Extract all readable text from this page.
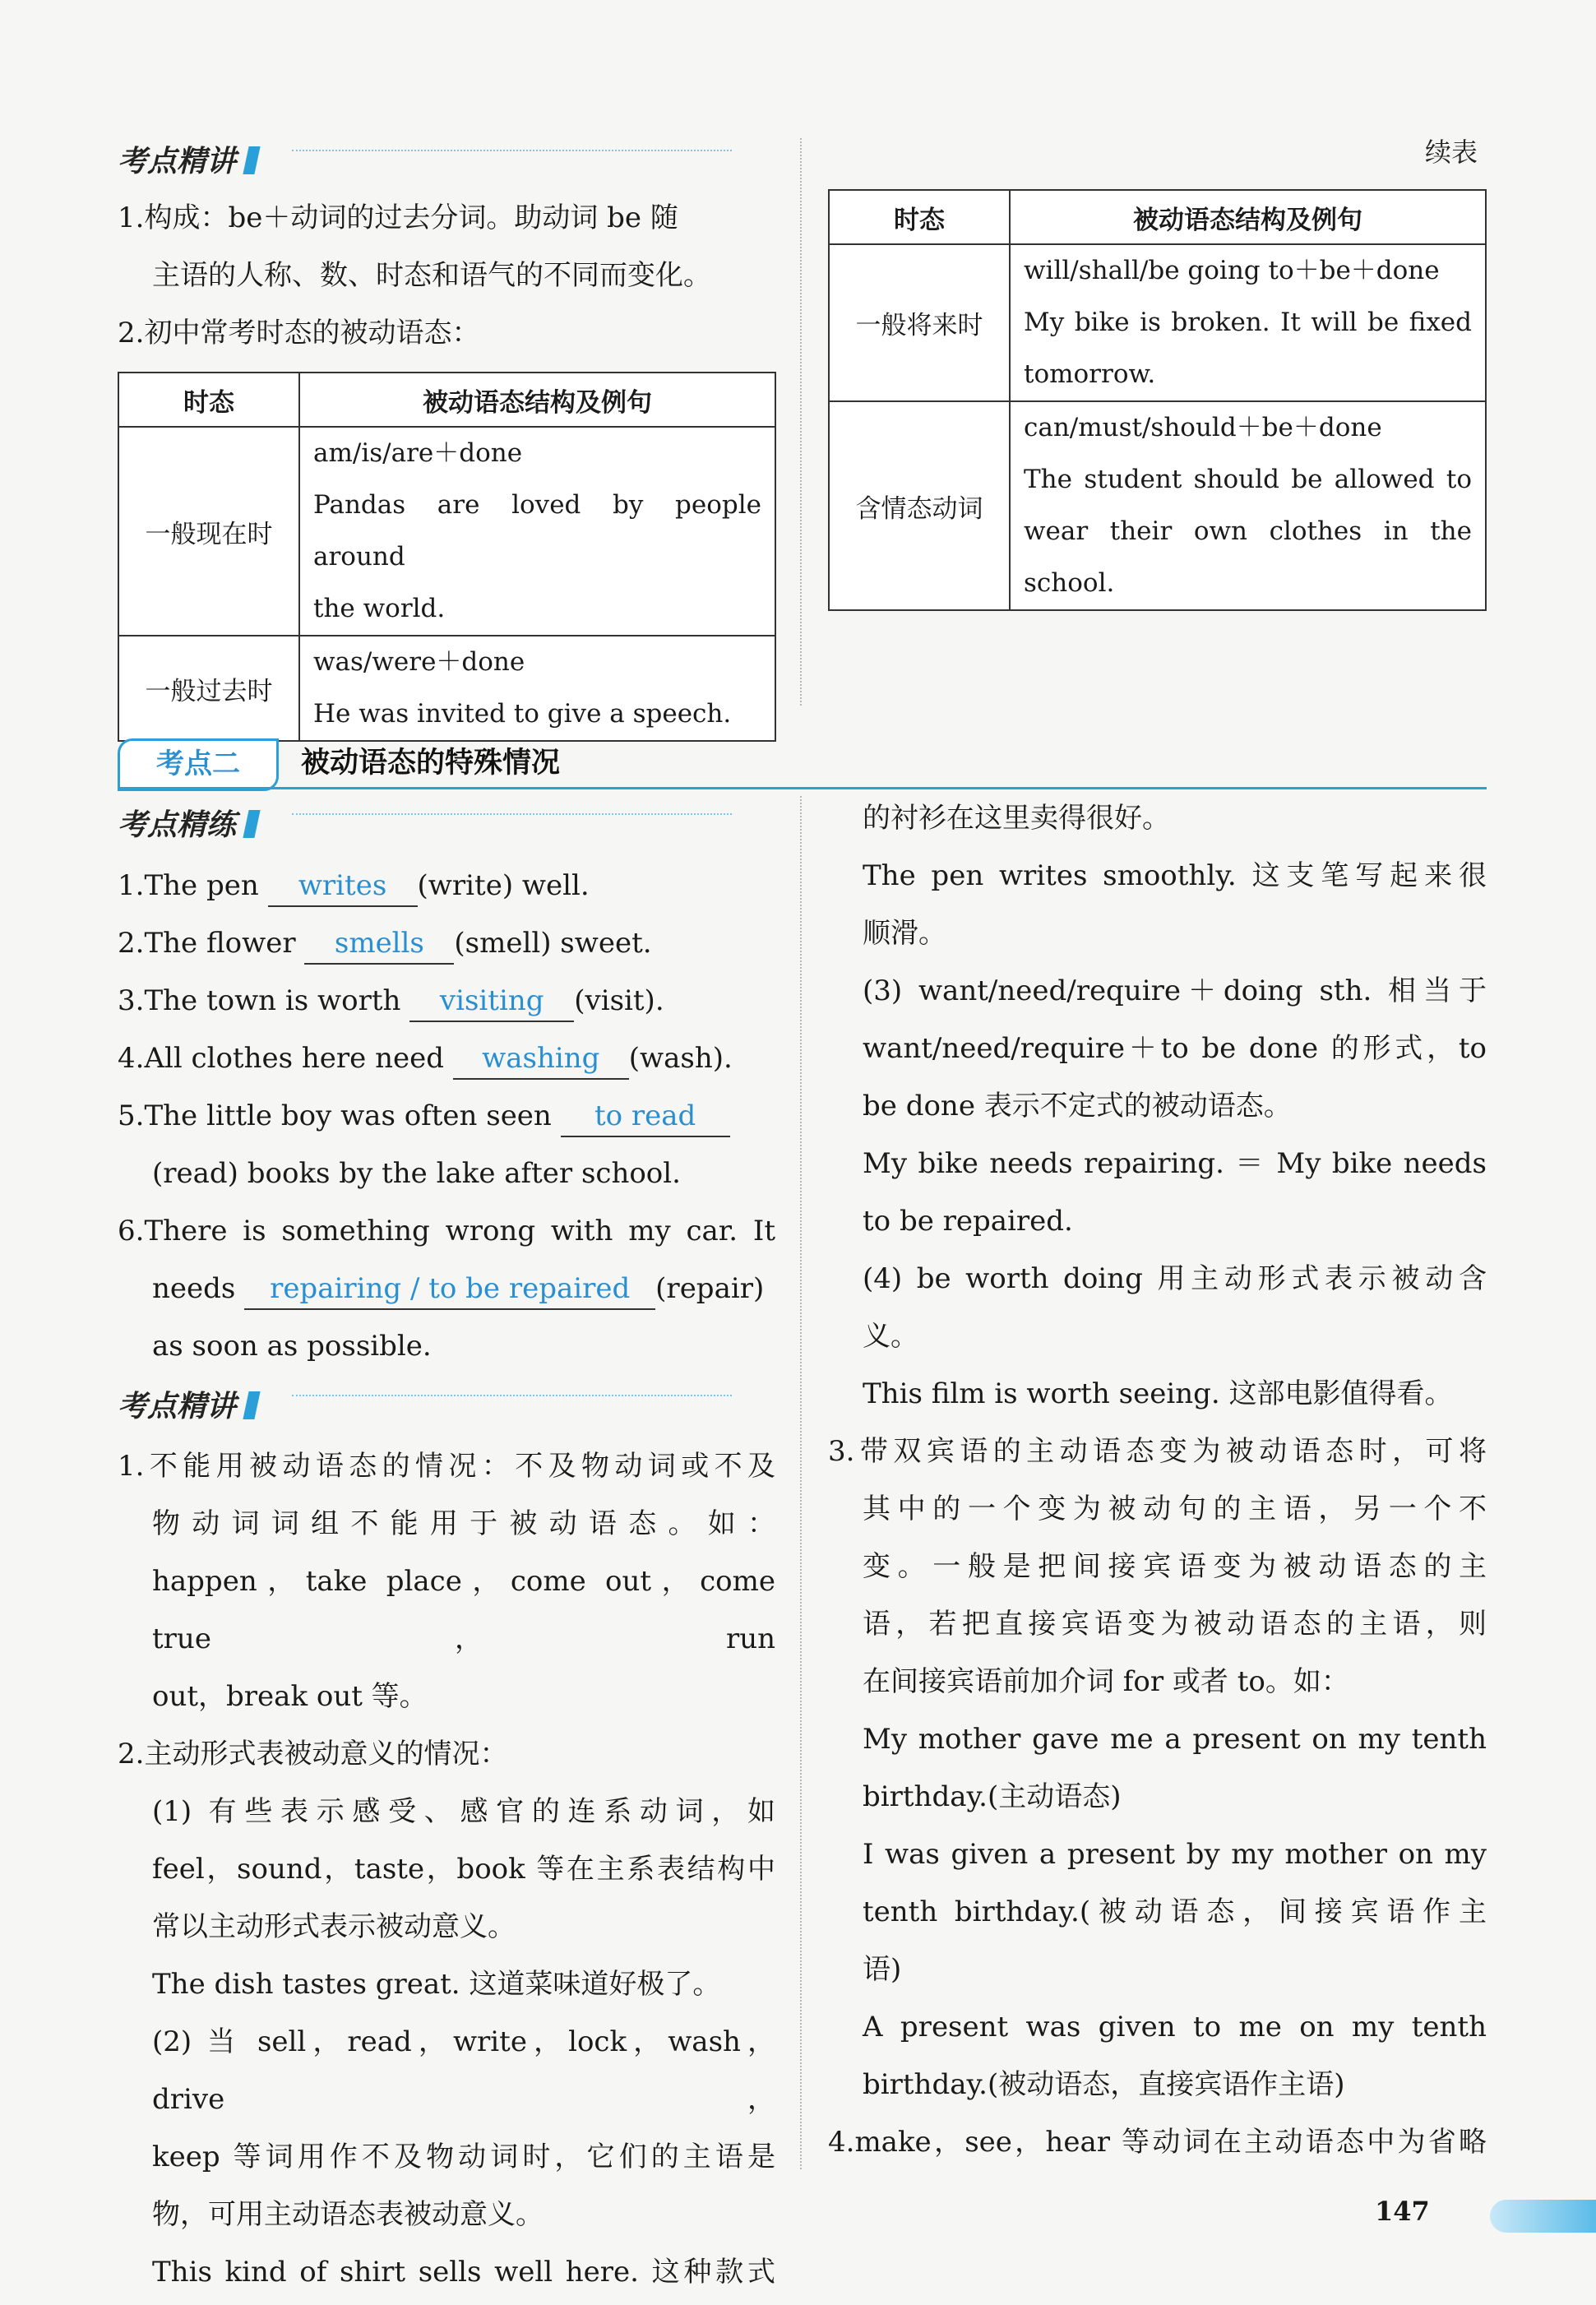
考点精讲

1.构成：be＋动词的过去分词。助动词 be 随

主语的人称、数、时态和语气的不同而变化。

2.初中常考时态的被动语态：

时态	被动语态结构及例句
一般现在时	am/is/are＋done
Pandas are loved by people around
the world.

一般过去时	was/were＋done
He was invited to give a speech.
续表
时态	被动语态结构及例句
一般将来时	will/shall/be going to＋be＋done
My bike is broken. It will be fixed
tomorrow.

含情态动词	can/must/should＋be＋done
The student should be allowed to
wear their own clothes in the
school.
考点二	被动语态的特殊情况
考点精练

1.The pen writes (write) well.

2.The flower smells (smell) sweet.

3.The town is worth visiting (visit).

4.All clothes here need washing (wash).

5.The little boy was often seen to read

(read) books by the lake after school.

6.There is something wrong with my car. It

needs repairing / to be repaired (repair)

as soon as possible.

考点精讲

1.不能用被动语态的情况：不及物动词或不及

物动词词组不能用于被动语态。如：

happen，take place，come out，come true，run

out，break out 等。

2.主动形式表被动意义的情况：

(1) 有些表示感受、感官的连系动词，如

feel，sound，taste，book 等在主系表结构中

常以主动形式表示被动意义。

The dish tastes great. 这道菜味道好极了。

(2) 当 sell，read，write，lock，wash，drive，

keep 等词用作不及物动词时，它们的主语是

物，可用主动语态表被动意义。

This kind of shirt sells well here. 这种款式

的衬衫在这里卖得很好。

The pen writes smoothly. 这支笔写起来很

顺滑。

(3) want/need/require＋doing sth. 相当于

want/need/require＋to be done 的形式，to

be done 表示不定式的被动语态。

My bike needs repairing. ＝ My bike needs

to be repaired.

(4) be worth doing 用主动形式表示被动含

义。

This film is worth seeing. 这部电影值得看。

3.带双宾语的主动语态变为被动语态时，可将

其中的一个变为被动句的主语，另一个不

变。一般是把间接宾语变为被动语态的主

语，若把直接宾语变为被动语态的主语，则

在间接宾语前加介词 for 或者 to。如：

My mother gave me a present on my tenth

birthday.(主动语态)

I was given a present by my mother on my

tenth birthday.(被动语态，间接宾语作主

语)

A present was given to me on my tenth

birthday.(被动语态，直接宾语作主语)

4.make，see，hear 等动词在主动语态中为省略

147
